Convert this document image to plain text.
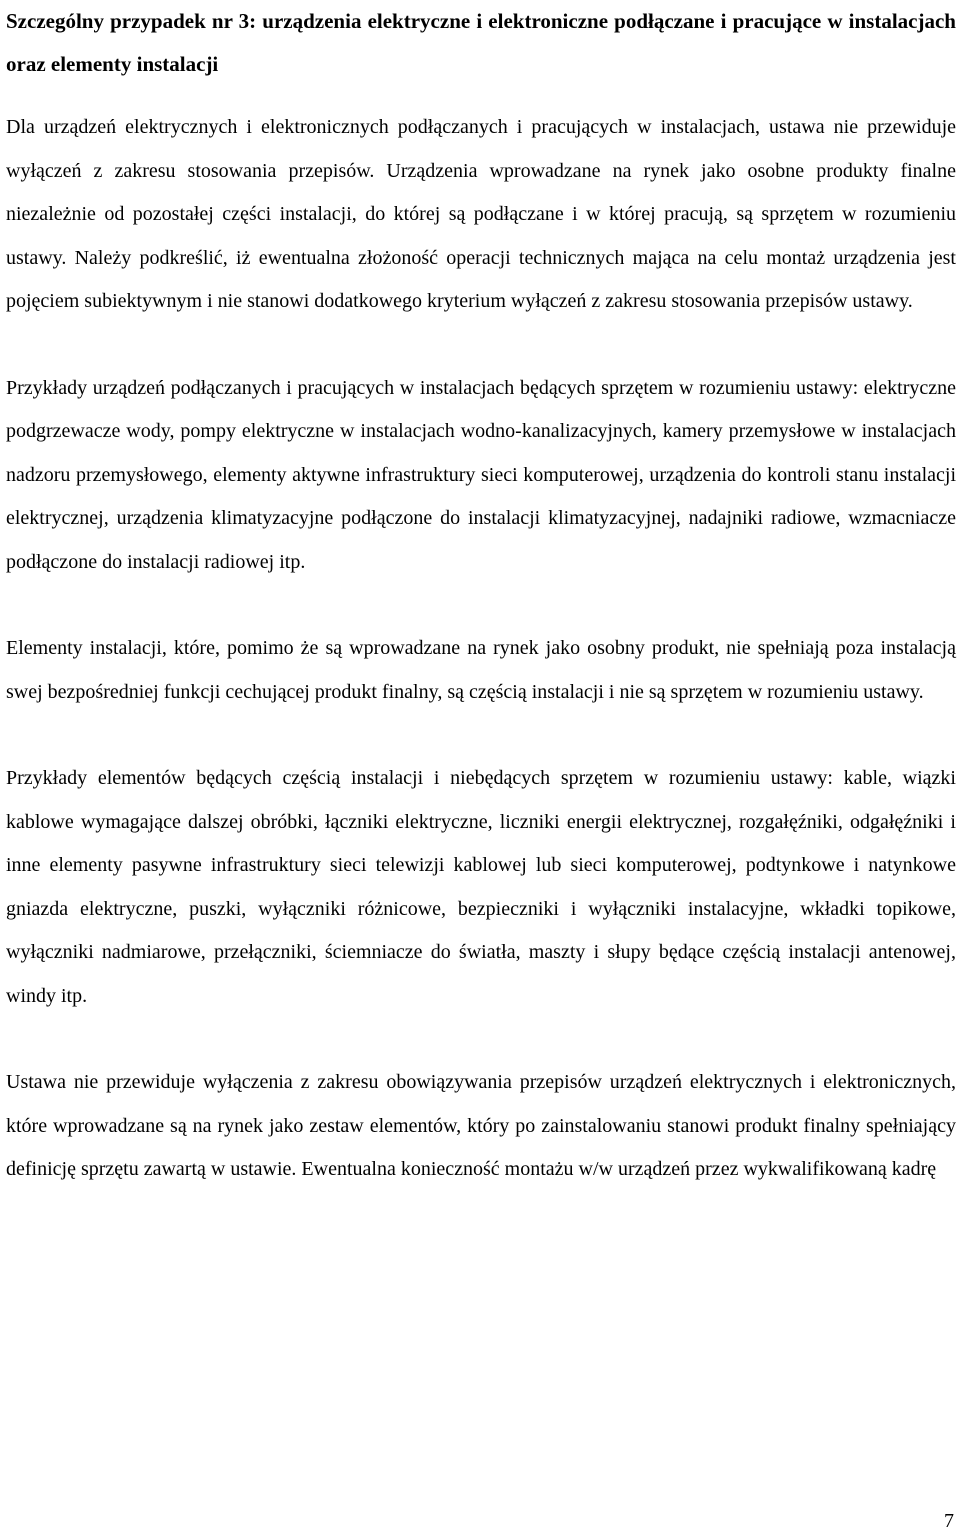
Szczególny przypadek nr 3: urządzenia elektryczne i elektroniczne podłączane i pracujące w instalacjach oraz elementy instalacji

Dla urządzeń elektrycznych i elektronicznych podłączanych i pracujących w instalacjach, ustawa nie przewiduje wyłączeń z zakresu stosowania przepisów. Urządzenia wprowadzane na rynek jako osobne produkty finalne niezależnie od pozostałej części instalacji, do której są podłączane i w której pracują, są sprzętem w rozumieniu ustawy. Należy podkreślić, iż ewentualna złożoność operacji technicznych mająca na celu montaż urządzenia jest pojęciem subiektywnym i nie stanowi dodatkowego kryterium wyłączeń z zakresu stosowania przepisów ustawy.

Przykłady urządzeń podłączanych i pracujących w instalacjach będących sprzętem w rozumieniu ustawy: elektryczne podgrzewacze wody, pompy elektryczne w instalacjach wodno-kanalizacyjnych, kamery przemysłowe w instalacjach nadzoru przemysłowego, elementy aktywne infrastruktury sieci komputerowej, urządzenia do kontroli stanu instalacji elektrycznej, urządzenia klimatyzacyjne podłączone do instalacji klimatyzacyjnej, nadajniki radiowe, wzmacniacze podłączone do instalacji radiowej itp.

Elementy instalacji, które, pomimo że są wprowadzane na rynek jako osobny produkt, nie spełniają poza instalacją swej bezpośredniej funkcji cechującej produkt finalny, są częścią instalacji i nie są sprzętem w rozumieniu ustawy.

Przykłady elementów będących częścią instalacji i niebędących sprzętem w rozumieniu ustawy: kable, wiązki kablowe wymagające dalszej obróbki, łączniki elektryczne, liczniki energii elektrycznej, rozgałęźniki, odgałęźniki i inne elementy pasywne infrastruktury sieci telewizji kablowej lub sieci komputerowej, podtynkowe i natynkowe gniazda elektryczne, puszki, wyłączniki różnicowe, bezpieczniki i wyłączniki instalacyjne, wkładki topikowe, wyłączniki nadmiarowe, przełączniki, ściemniacze do światła, maszty i słupy będące częścią instalacji antenowej, windy itp.

Ustawa nie przewiduje wyłączenia z zakresu obowiązywania przepisów urządzeń elektrycznych i elektronicznych, które wprowadzane są na rynek jako zestaw elementów, który po zainstalowaniu stanowi produkt finalny spełniający definicję sprzętu zawartą w ustawie. Ewentualna konieczność montażu w/w urządzeń przez wykwalifikowaną kadrę

7
